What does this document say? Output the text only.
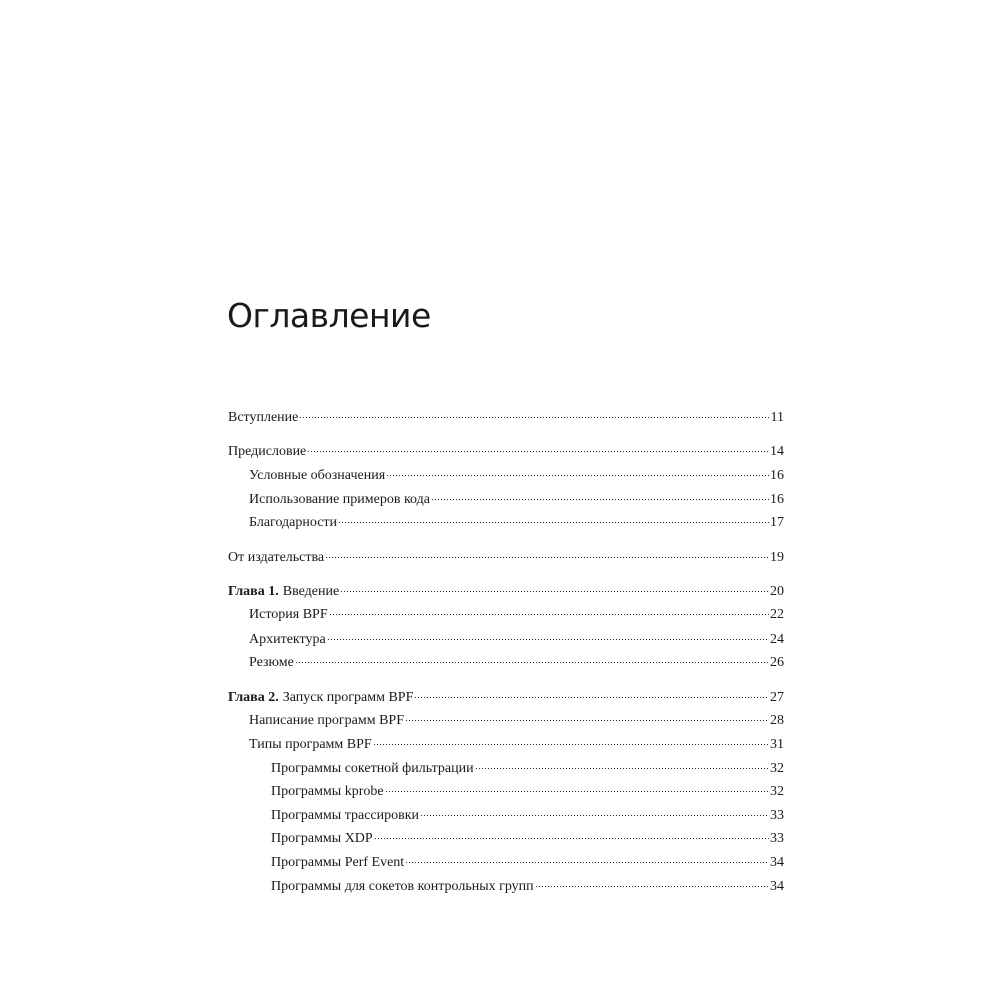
Оглавление
Вступление	11
Предисловие	14
Условные обозначения	16
Использование примеров кода	16
Благодарности	17
От издательства	19
Глава 1. Введение	20
История BPF	22
Архитектура	24
Резюме	26
Глава 2. Запуск программ BPF	27
Написание программ BPF	28
Типы программ BPF	31
Программы сокетной фильтрации	32
Программы kprobe	32
Программы трассировки	33
Программы XDP	33
Программы Perf Event	34
Программы для сокетов контрольных групп	34
